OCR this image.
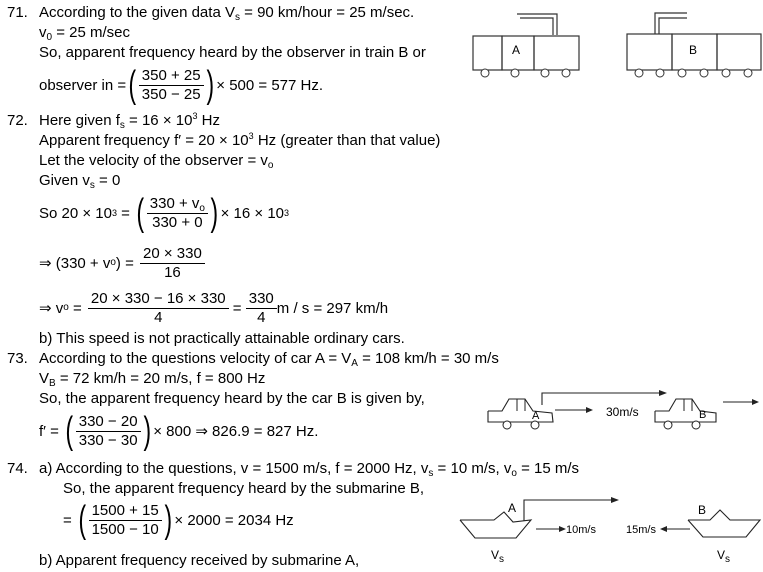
71. According to the given data $V_s = 90$ km/hour = 25 m/sec.
$v_0 = 25$ m/sec
So, apparent frequency heard by the observer in train B or
observer in = ( $\frac{350 + 25}{350 - 25}$ ) × 500 = 577 Hz.
A	B
72. Here given $f_s = 16 \times 10^3$ Hz
Apparent frequency $f' = 20 \times 10^3$ Hz (greater than that value)
Let the velocity of the observer = $v_o$
Given $v_s = 0$
So 20 × 10 3 = ( $\frac{330 + v_o}{330 + 0}$ ) × 16 × 10 3
⇒ (330 + v o ) = $\frac{20 \times 330}{16}$
⇒ v $o = \frac{20 \times 330 - 16 \times 330}{4} = \frac{330}{4}$ m / s = 297 km/h
b) This speed is not practically attainable ordinary cars.
73. According to the questions velocity of car $A = V_A = 108$ km/h = 30 m/s
$V_B = 72$ km/h = 20 m/s, f = 800 Hz
So, the apparent frequency heard by the car B is given by,
f′ = ( $\frac{330 - 20}{330 - 30}$ ) × 800 ⇒ 826.9 = 827 Hz.
A	30m/s	B
74. a) According to the questions, v = 1500 m/s, f = 2000 Hz, $v_s = 10$ m/s, $v_o = 15$ m/s
So, the apparent frequency heard by the submarine B,
= ( $\frac{1500 + 15}{1500 - 10}$ ) × 2000 = 2034 Hz
b) Apparent frequency received by submarine A,
A
10m/s
$V_s$
15m/s
B
$V_s$
